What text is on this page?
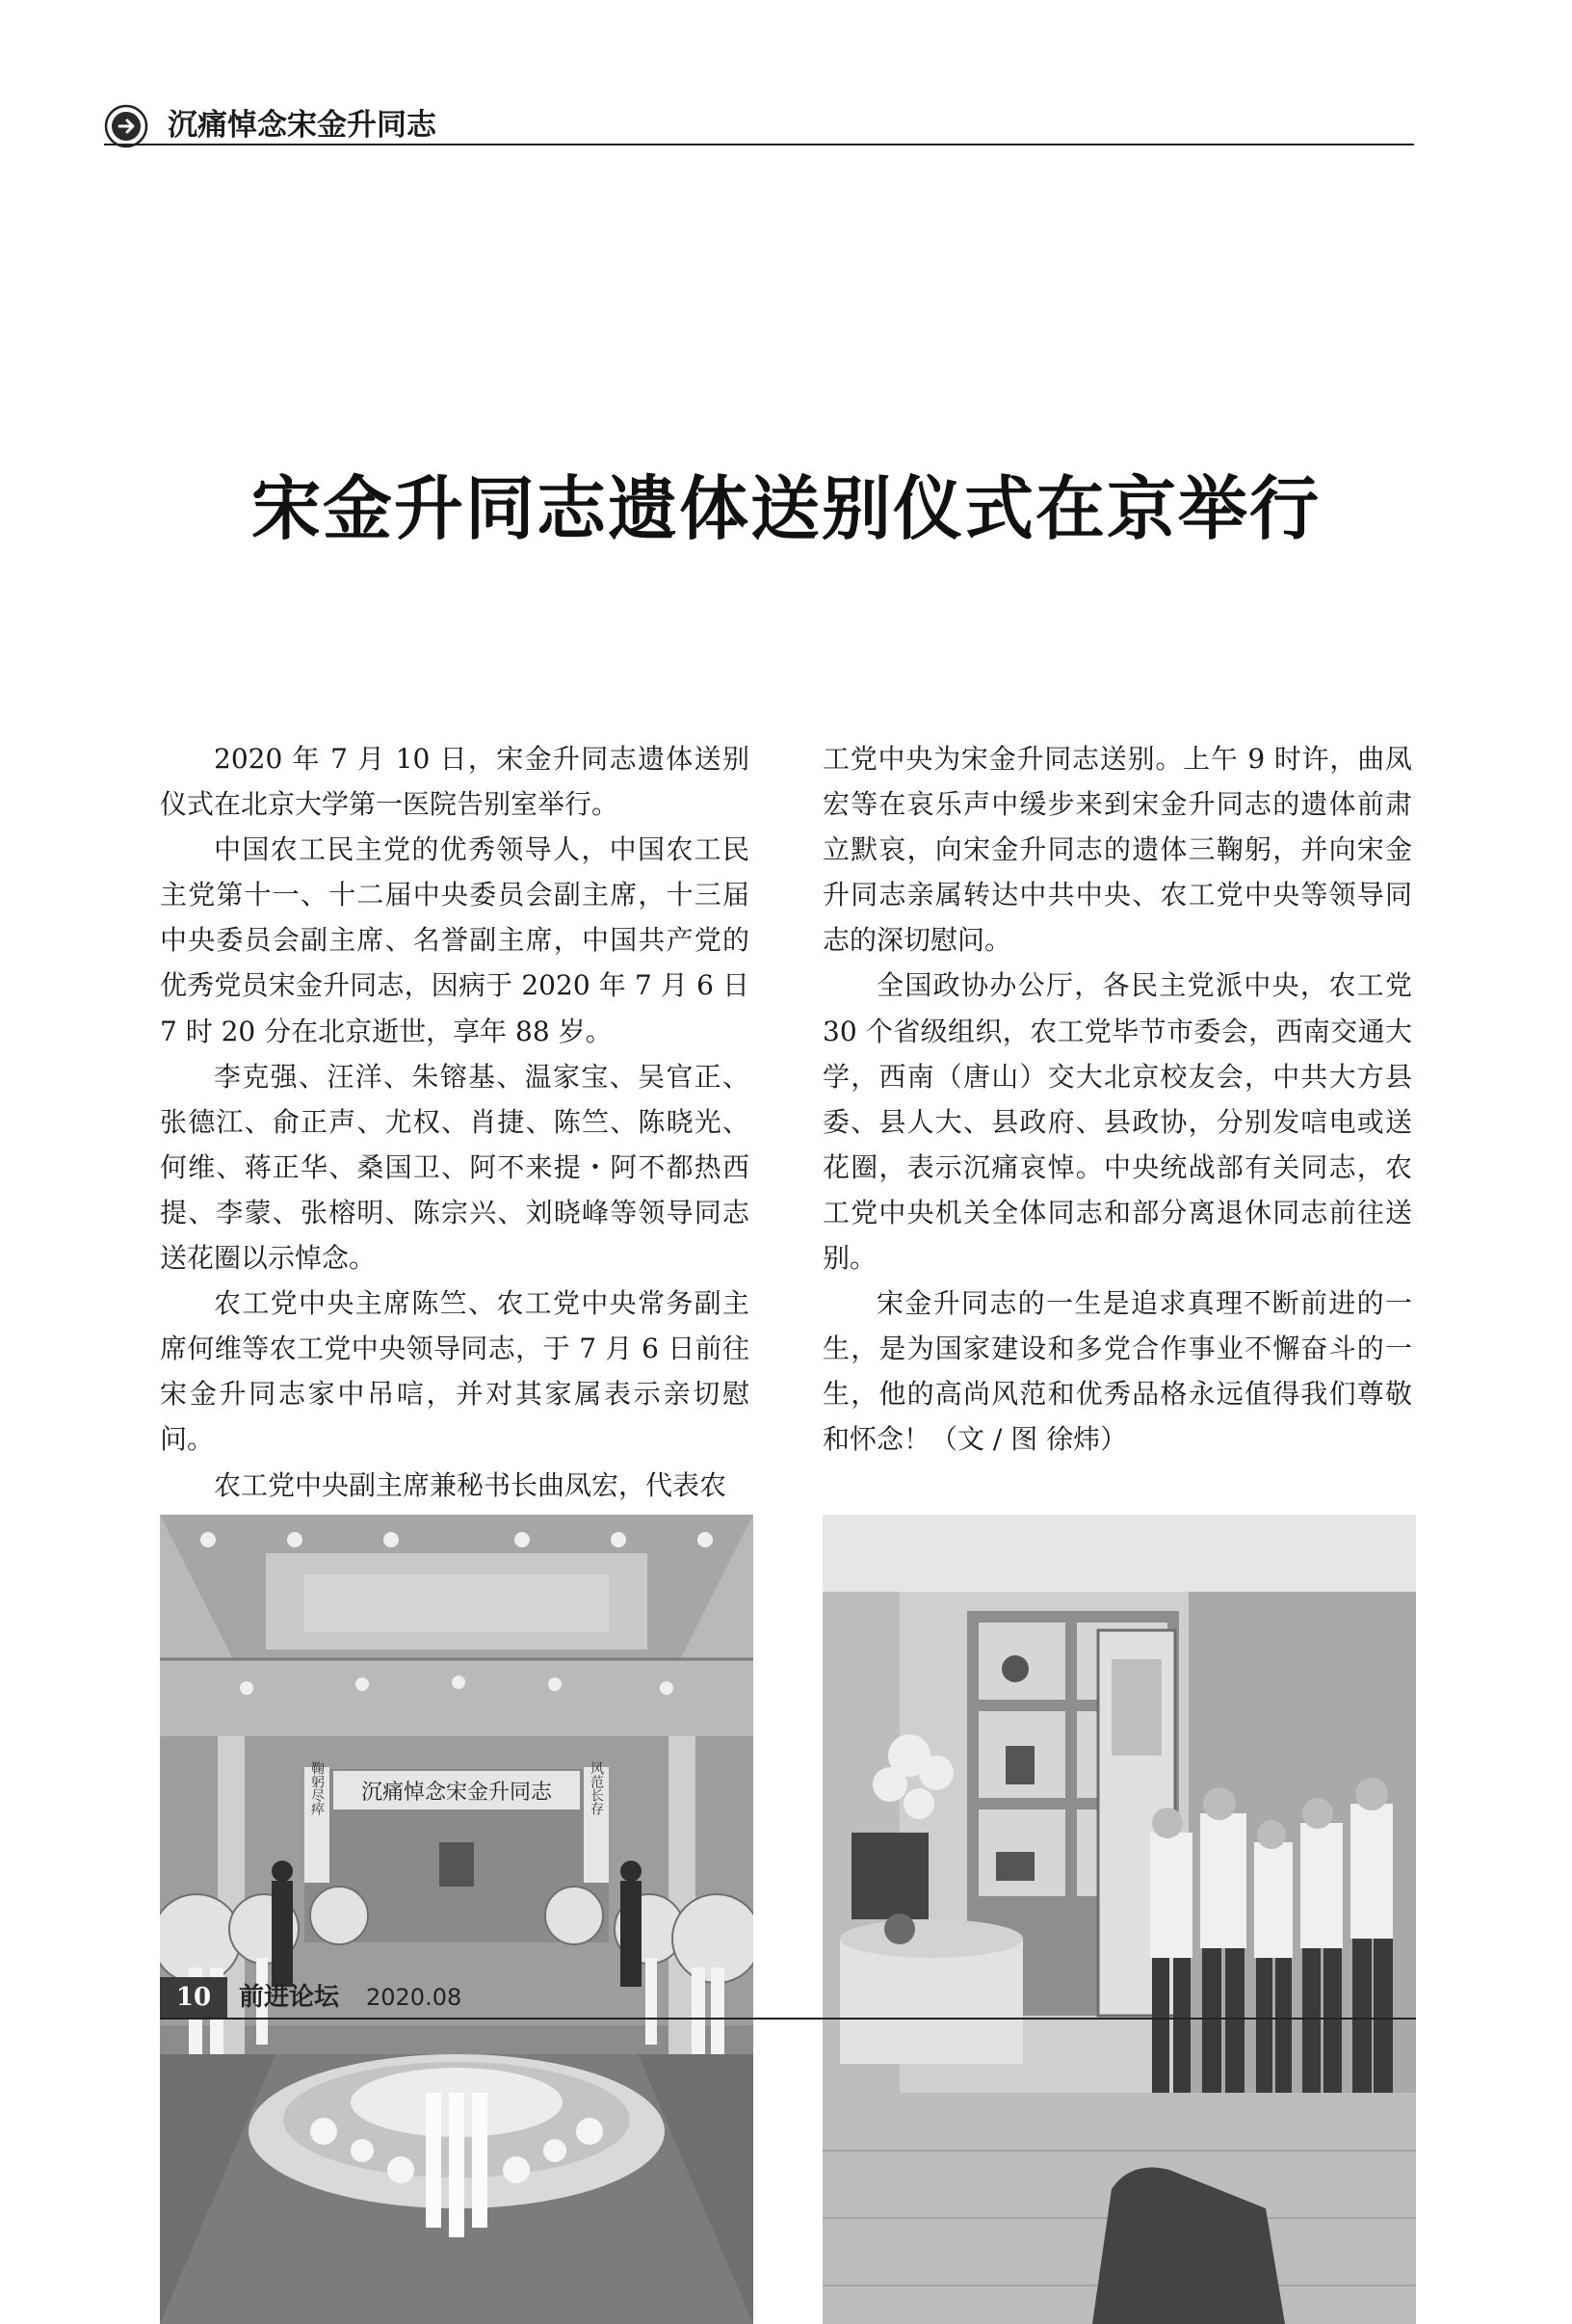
沉痛悼念宋金升同志
宋金升同志遗体送别仪式在京举行

2020 年 7 月 10 日，宋金升同志遗体送别仪式在北京大学第一医院告别室举行。

中国农工民主党的优秀领导人，中国农工民主党第十一、十二届中央委员会副主席，十三届中央委员会副主席、名誉副主席，中国共产党的优秀党员宋金升同志，因病于 2020 年 7 月 6 日 7 时 20 分在北京逝世，享年 88 岁。

李克强、汪洋、朱镕基、温家宝、吴官正、张德江、俞正声、尤权、肖捷、陈竺、陈晓光、何维、蒋正华、桑国卫、阿不来提・阿不都热西提、李蒙、张榕明、陈宗兴、刘晓峰等领导同志送花圈以示悼念。

农工党中央主席陈竺、农工党中央常务副主席何维等农工党中央领导同志，于 7 月 6 日前往宋金升同志家中吊唁，并对其家属表示亲切慰问。

农工党中央副主席兼秘书长曲凤宏，代表农

工党中央为宋金升同志送别。上午 9 时许，曲凤宏等在哀乐声中缓步来到宋金升同志的遗体前肃立默哀，向宋金升同志的遗体三鞠躬，并向宋金升同志亲属转达中共中央、农工党中央等领导同志的深切慰问。

全国政协办公厅，各民主党派中央，农工党 30 个省级组织，农工党毕节市委会，西南交通大学，西南（唐山）交大北京校友会，中共大方县委、县人大、县政府、县政协，分别发唁电或送花圈，表示沉痛哀悼。中央统战部有关同志，农工党中央机关全体同志和部分离退休同志前往送别。

宋金升同志的一生是追求真理不断前进的一生，是为国家建设和多党合作事业不懈奋斗的一生，他的高尚风范和优秀品格永远值得我们尊敬和怀念！（文 / 图 徐炜）

沉痛悼念宋金升同志
鞠躬尽瘁	风范长存
10	前进论坛 2020.08
